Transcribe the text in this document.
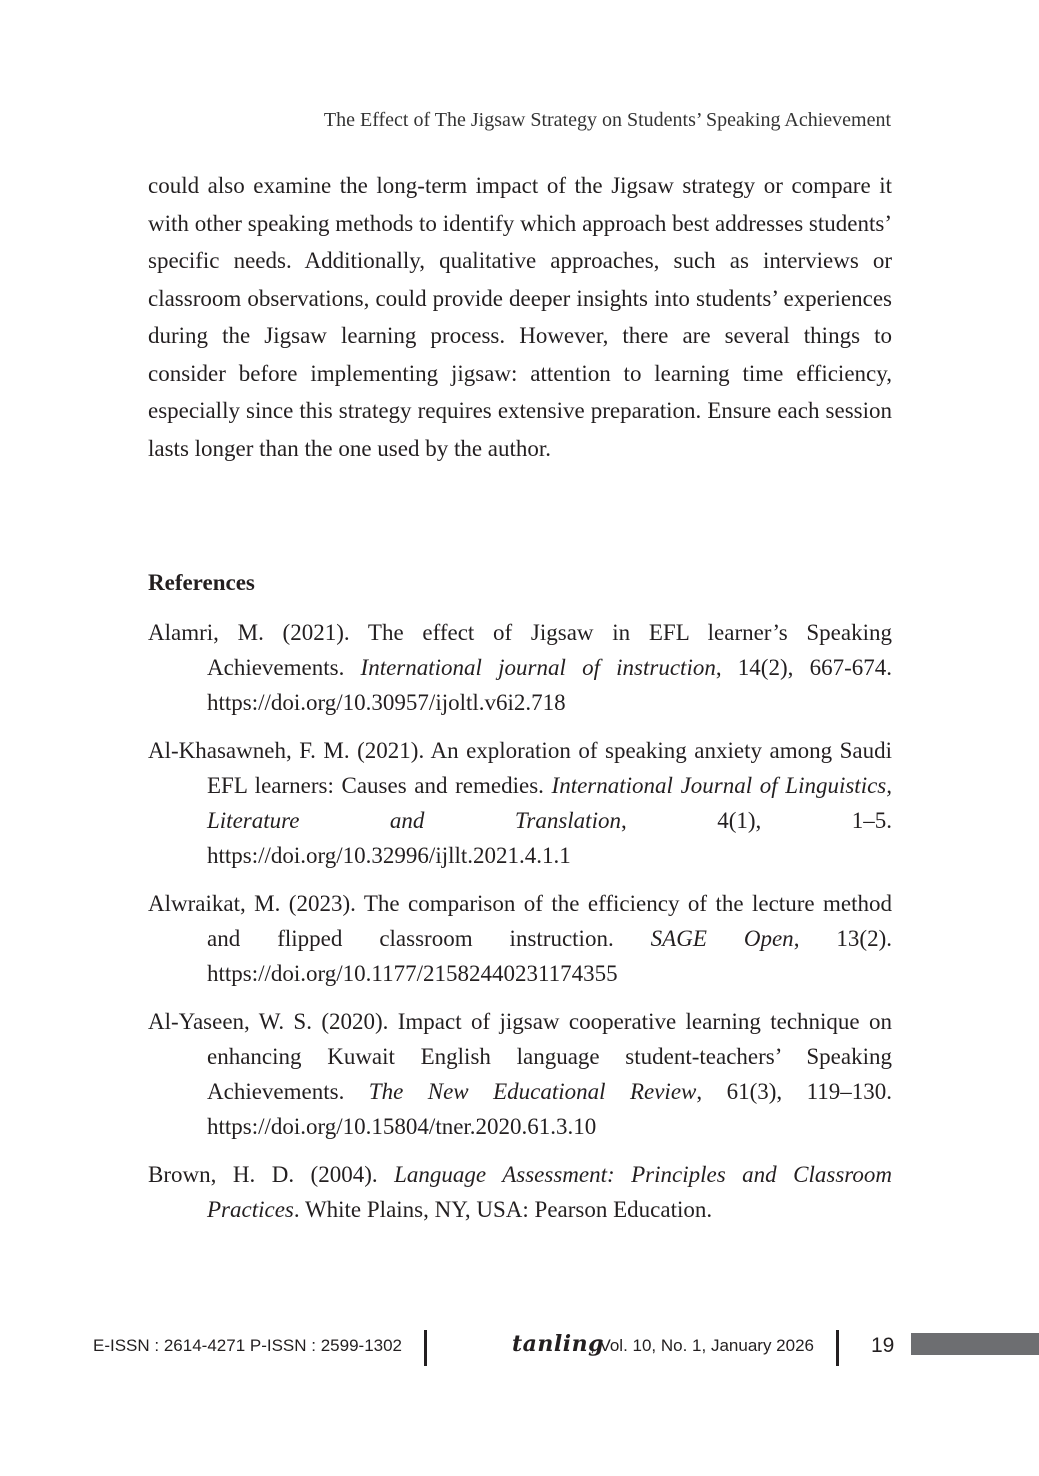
The Effect of The Jigsaw Strategy on Students’ Speaking Achievement

could also examine the long-term impact of the Jigsaw strategy or compare it with other speaking methods to identify which approach best addresses students’ specific needs. Additionally, qualitative approaches, such as interviews or classroom observations, could provide deeper insights into students’ experiences during the Jigsaw learning process. However, there are several things to consider before implementing jigsaw: attention to learning time efficiency, especially since this strategy requires extensive preparation. Ensure each session lasts longer than the one used by the author.

References
Alamri, M. (2021). The effect of Jigsaw in EFL learner’s Speaking Achievements. International journal of instruction, 14(2), 667-674. https://doi.org/10.30957/ijoltl.v6i2.718
Al-Khasawneh, F. M. (2021). An exploration of speaking anxiety among Saudi EFL learners: Causes and remedies. International Journal of Linguistics, Literature and Translation, 4(1), 1–5. https://doi.org/10.32996/ijllt.2021.4.1.1
Alwraikat, M. (2023). The comparison of the efficiency of the lecture method and flipped classroom instruction. SAGE Open, 13(2). https://doi.org/10.1177/21582440231174355
Al-Yaseen, W. S. (2020). Impact of jigsaw cooperative learning technique on enhancing Kuwait English language student-teachers’ Speaking Achievements. The New Educational Review, 61(3), 119–130. https://doi.org/10.15804/tner.2020.61.3.10
Brown, H. D. (2004). Language Assessment: Principles and Classroom Practices. White Plains, NY, USA: Pearson Education.
E-ISSN : 2614-4271 P-ISSN : 2599-1302	tanling
, Vol. 10, No. 1, January 2026	19
